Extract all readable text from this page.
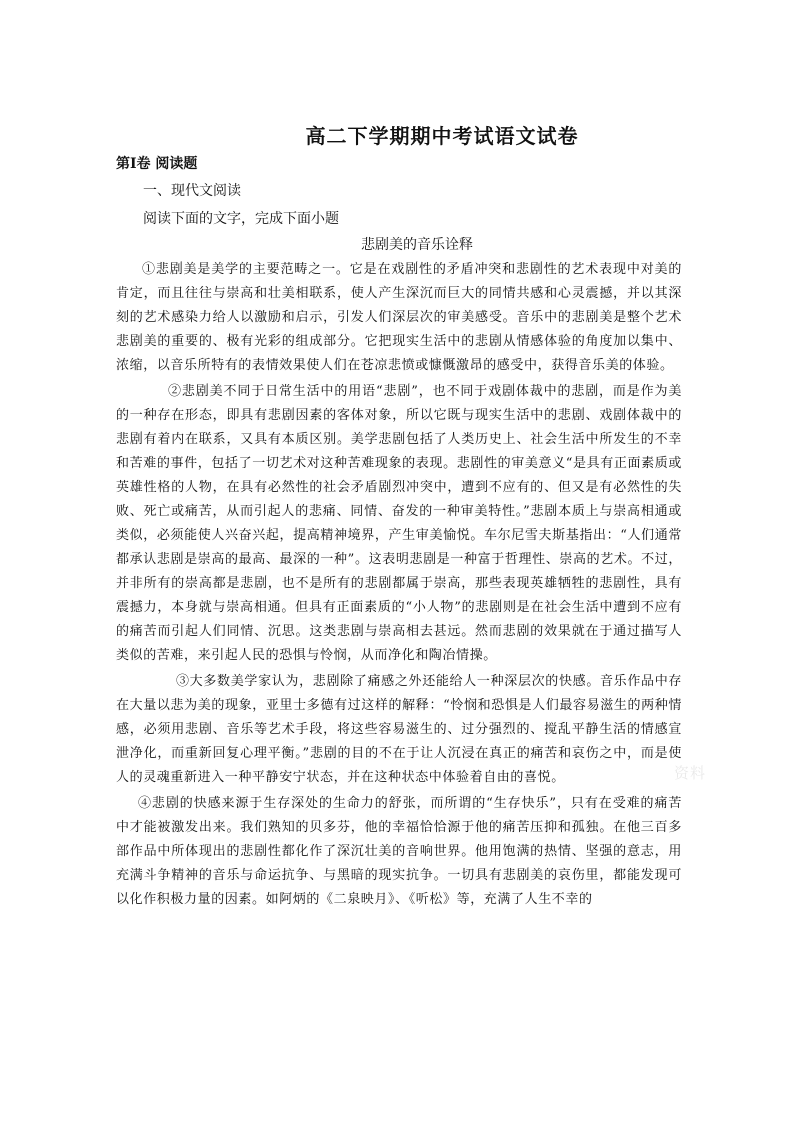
高二下学期期中考试语文试卷
第Ⅰ卷 阅读题
一、现代文阅读
阅读下面的文字，完成下面小题
悲剧美的音乐诠释

①悲剧美是美学的主要范畴之一。它是在戏剧性的矛盾冲突和悲剧性的艺术表现中对美的肯定，而且往往与崇高和壮美相联系，使人产生深沉而巨大的同情共感和心灵震撼，并以其深刻的艺术感染力给人以激励和启示，引发人们深层次的审美感受。音乐中的悲剧美是整个艺术悲剧美的重要的、极有光彩的组成部分。它把现实生活中的悲剧从情感体验的角度加以集中、浓缩，以音乐所特有的表情效果使人们在苍凉悲愤或慷慨激昂的感受中，获得音乐美的体验。

②悲剧美不同于日常生活中的用语“悲剧”，也不同于戏剧体裁中的悲剧，而是作为美的一种存在形态，即具有悲剧因素的客体对象，所以它既与现实生活中的悲剧、戏剧体裁中的悲剧有着内在联系，又具有本质区别。美学悲剧包括了人类历史上、社会生活中所发生的不幸和苦难的事件，包括了一切艺术对这种苦难现象的表现。悲剧性的审美意义“是具有正面素质或英雄性格的人物，在具有必然性的社会矛盾剧烈冲突中，遭到不应有的、但又是有必然性的失败、死亡或痛苦，从而引起人的悲痛、同情、奋发的一种审美特性。”悲剧本质上与崇高相通或类似，必须能使人兴奋兴起，提高精神境界，产生审美愉悦。车尔尼雪夫斯基指出：“人们通常都承认悲剧是崇高的最高、最深的一种”。这表明悲剧是一种富于哲理性、崇高的艺术。不过，并非所有的崇高都是悲剧，也不是所有的悲剧都属于崇高，那些表现英雄牺牲的悲剧性，具有震撼力，本身就与崇高相通。但具有正面素质的“小人物”的悲剧则是在社会生活中遭到不应有的痛苦而引起人们同情、沉思。这类悲剧与崇高相去甚远。然而悲剧的效果就在于通过描写人类似的苦难，来引起人民的恐惧与怜悯，从而净化和陶冶情操。

③大多数美学家认为，悲剧除了痛感之外还能给人一种深层次的快感。音乐作品中存在大量以悲为美的现象，亚里士多德有过这样的解释：“怜悯和恐惧是人们最容易滋生的两种情感，必须用悲剧、音乐等艺术手段，将这些容易滋生的、过分强烈的、搅乱平静生活的情感宣泄净化，而重新回复心理平衡。”悲剧的目的不在于让人沉浸在真正的痛苦和哀伤之中，而是使人的灵魂重新进入一种平静安宁状态，并在这种状态中体验着自由的喜悦。

④悲剧的快感来源于生存深处的生命力的舒张，而所谓的“生存快乐”，只有在受难的痛苦中才能被激发出来。我们熟知的贝多芬，他的幸福恰恰源于他的痛苦压抑和孤独。在他三百多部作品中所体现出的悲剧性都化作了深沉壮美的音响世界。他用饱满的热情、坚强的意志，用充满斗争精神的音乐与命运抗争、与黑暗的现实抗争。一切具有悲剧美的哀伤里，都能发现可以化作积极力量的因素。如阿炳的《二泉映月》、《听松》等，充满了人生不幸的

资料
